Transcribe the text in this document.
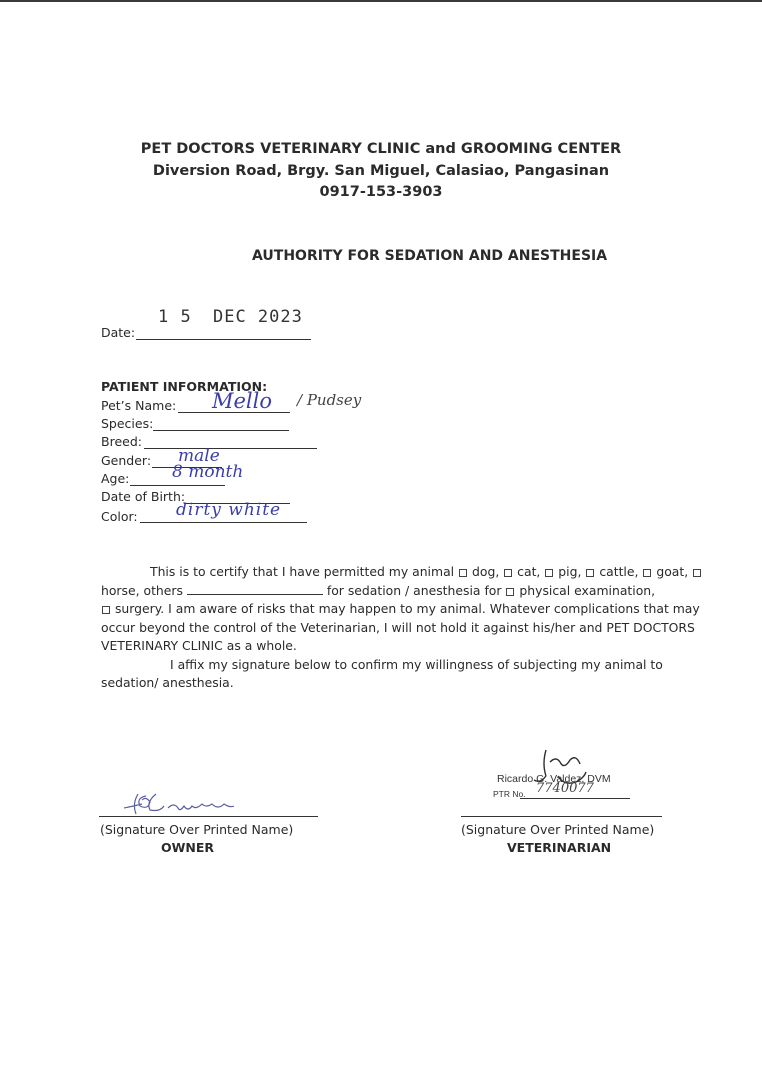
PET DOCTORS VETERINARY CLINIC and GROOMING CENTER
Diversion Road, Brgy. San Miguel, Calasiao, Pangasinan
0917-153-3903
AUTHORITY FOR SEDATION AND ANESTHESIA
Date:
1 5 DEC 2023
PATIENT INFORMATION:
Pet’s Name: Mello / Pudsey
Species:
Breed:
Gender: male
Age:	8 month
Date of Birth:
Color: dirty white
This is to certify that I have permitted my animal dog, cat, pig, cattle, goat,
horse, others	for sedation / anesthesia for physical examination,
surgery. I am aware of risks that may happen to my animal. Whatever complications that may
occur beyond the control of the Veterinarian, I will not hold it against his/her and PET DOCTORS
VETERINARY CLINIC as a whole.
I affix my signature below to confirm my willingness of subjecting my animal to
sedation/ anesthesia.
(Signature Over Printed Name)
OWNER
Ricardo G. Valdez, DVM
PTR No. 7740077
(Signature Over Printed Name)
VETERINARIAN
